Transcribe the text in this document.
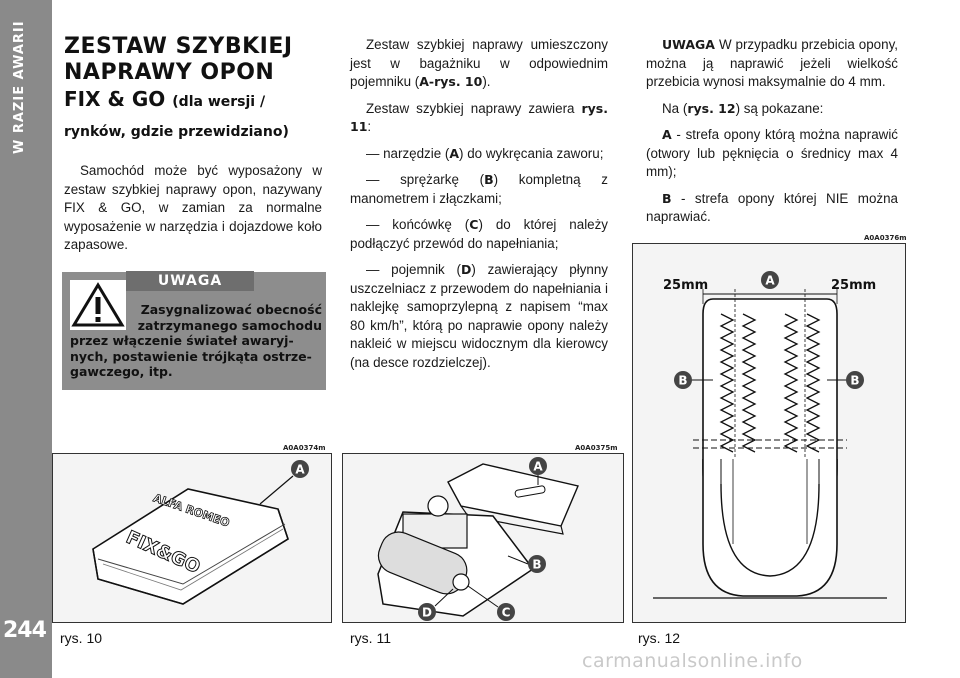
W RAZIE AWARII
244
ZESTAW SZYBKIEJ
NAPRAWY OPON
FIX & GO (dla wersji /
rynków, gdzie przewidziano)
Samochód może być wyposażony w zestaw szybkiej naprawy opon, nazywany FIX & GO, w zamian za normalne wyposażenie w narzędzia i dojazdowe koło zapasowe.
UWAGA
Zasygnalizować obecność
zatrzymanego samochodu
przez włączenie świateł awaryj-
nych, postawienie trójkąta ostrze-
gawczego, itp.

Zestaw szybkiej naprawy umieszczony jest w bagażniku w odpowiednim pojemniku (A-rys. 10).

Zestaw szybkiej naprawy zawiera rys. 11:

— narzędzie (A) do wykręcania zaworu;

— sprężarkę (B) kompletną z manometrem i złączkami;

— końcówkę (C) do której należy podłączyć przewód do napełniania;

— pojemnik (D) zawierający płynny uszczelniacz z przewodem do napełniania i naklejkę samoprzylepną z napisem “max 80 km/h”, którą po naprawie opony należy nakleić w miejscu widocznym dla kierowcy (na desce rozdzielczej).

UWAGA W przypadku przebicia opony, można ją naprawić jeżeli wielkość przebicia wynosi maksymalnie do 4 mm.

Na (rys. 12) są pokazane:

A - strefa opony którą można naprawić (otwory lub pęknięcia o średnicy max 4 mm);

B - strefa opony której NIE można naprawiać.

A0A0374m
ALFA ROMEO
FIX&GO
A
rys. 10
A0A0375m
A
B
C
D
rys. 11
A0A0376m
25mm	25mm
A
B	B
rys. 12
carmanualsonline.info
